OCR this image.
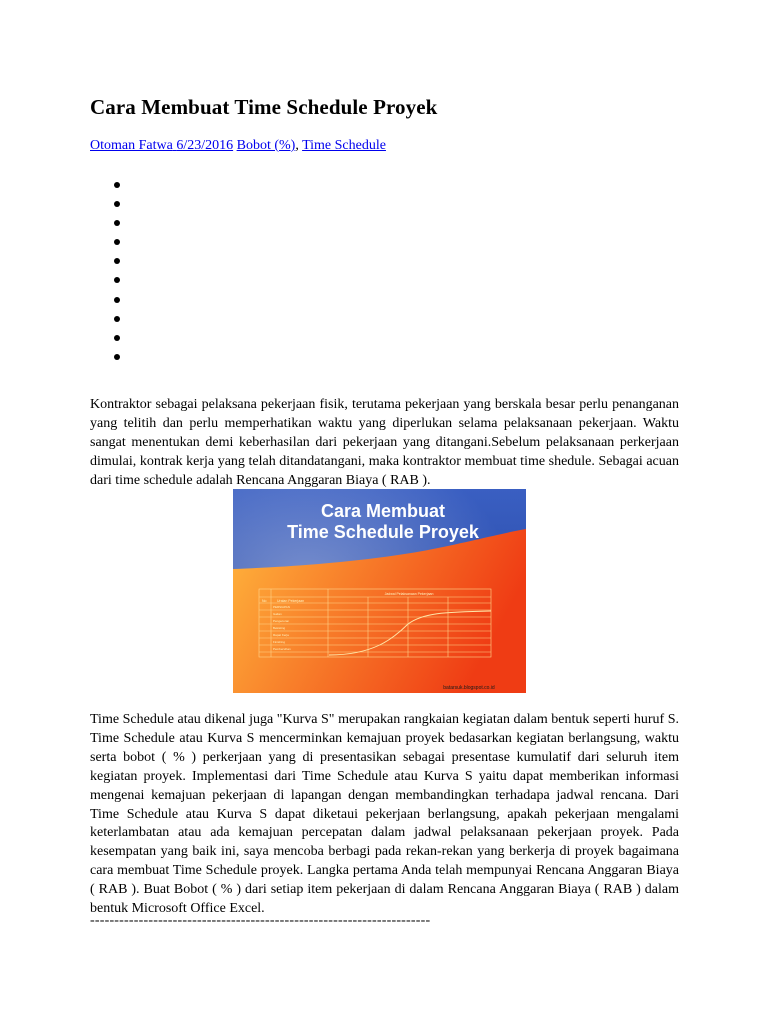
Cara Membuat Time Schedule Proyek
Otoman Fatwa 6/23/2016 Bobot (%), Time Schedule

Kontraktor sebagai pelaksana pekerjaan fisik, terutama pekerjaan yang berskala besar perlu penanganan yang telitih dan perlu memperhatikan waktu yang diperlukan selama pelaksanaan pekerjaan. Waktu sangat menentukan demi keberhasilan dari pekerjaan yang ditangani.Sebelum pelaksanaan perkerjaan dimulai, kontrak kerja yang telah ditandatangani, maka kontraktor membuat time shedule. Sebagai acuan dari time schedule adalah Rencana Anggaran Biaya ( RAB ).

Cara Membuat
Time Schedule Proyek
Jadwal Pelaksanaan Pekerjaan
No	Uraian Pekerjaan
PERSIAPAN
Galian
Pengecoran
Bekisting
Rapat Kerja
Finishing
Pembersihan
batarsuk.blogspot.co.id

Time Schedule atau dikenal juga "Kurva S" merupakan rangkaian kegiatan dalam bentuk seperti huruf S. Time Schedule atau Kurva S mencerminkan kemajuan proyek bedasarkan kegiatan berlangsung, waktu serta bobot ( % ) perkerjaan yang di presentasikan sebagai presentase kumulatif dari seluruh item kegiatan proyek. Implementasi dari Time Schedule atau Kurva S yaitu dapat memberikan informasi mengenai kemajuan pekerjaan di lapangan dengan membandingkan terhadapa jadwal rencana. Dari Time Schedule atau Kurva S dapat diketaui pekerjaan berlangsung, apakah pekerjaan mengalami keterlambatan atau ada kemajuan percepatan dalam jadwal pelaksanaan pekerjaan proyek. Pada kesempatan yang baik ini, saya mencoba berbagi pada rekan-rekan yang berkerja di proyek bagaimana cara membuat Time Schedule proyek. Langka pertama Anda telah mempunyai Rencana Anggaran Biaya ( RAB ). Buat Bobot ( % ) dari setiap item pekerjaan di dalam Rencana Anggaran Biaya ( RAB ) dalam bentuk Microsoft Office Excel.

----------------------------------------------------------------------
